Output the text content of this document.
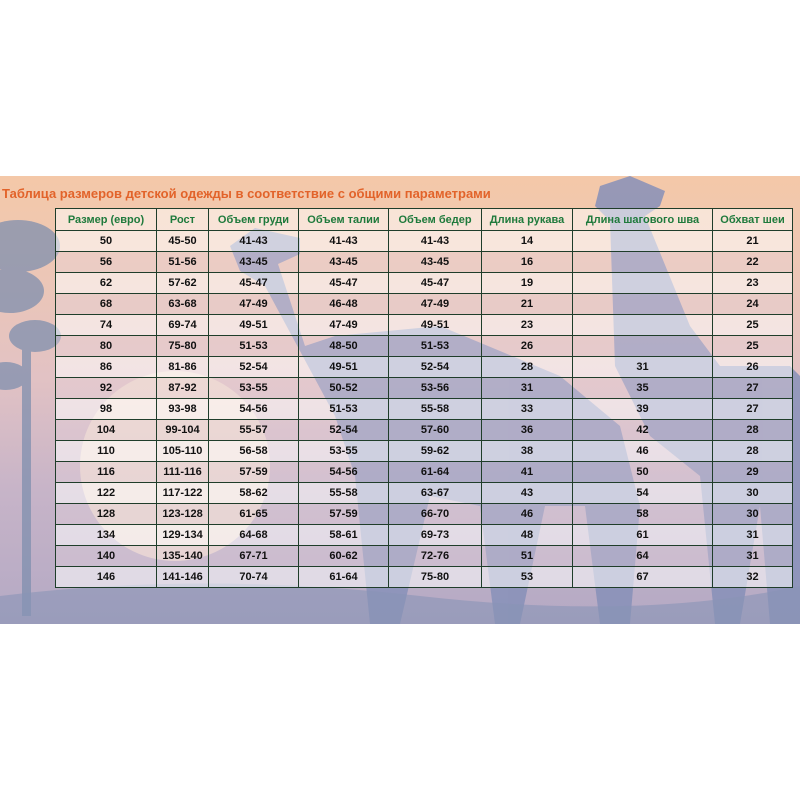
Таблица размеров детской одежды в соответствие с общими параметрами
Размер (евро)	Рост	Объем груди	Объем талии	Объем бедер	Длина рукава	Длина шагового шва	Обхват шеи
50	45-50	41-43	41-43	41-43	14		21
56	51-56	43-45	43-45	43-45	16		22
62	57-62	45-47	45-47	45-47	19		23
68	63-68	47-49	46-48	47-49	21		24
74	69-74	49-51	47-49	49-51	23		25
80	75-80	51-53	48-50	51-53	26		25
86	81-86	52-54	49-51	52-54	28	31	26
92	87-92	53-55	50-52	53-56	31	35	27
98	93-98	54-56	51-53	55-58	33	39	27
104	99-104	55-57	52-54	57-60	36	42	28
110	105-110	56-58	53-55	59-62	38	46	28
116	111-116	57-59	54-56	61-64	41	50	29
122	117-122	58-62	55-58	63-67	43	54	30
128	123-128	61-65	57-59	66-70	46	58	30
134	129-134	64-68	58-61	69-73	48	61	31
140	135-140	67-71	60-62	72-76	51	64	31
146	141-146	70-74	61-64	75-80	53	67	32
